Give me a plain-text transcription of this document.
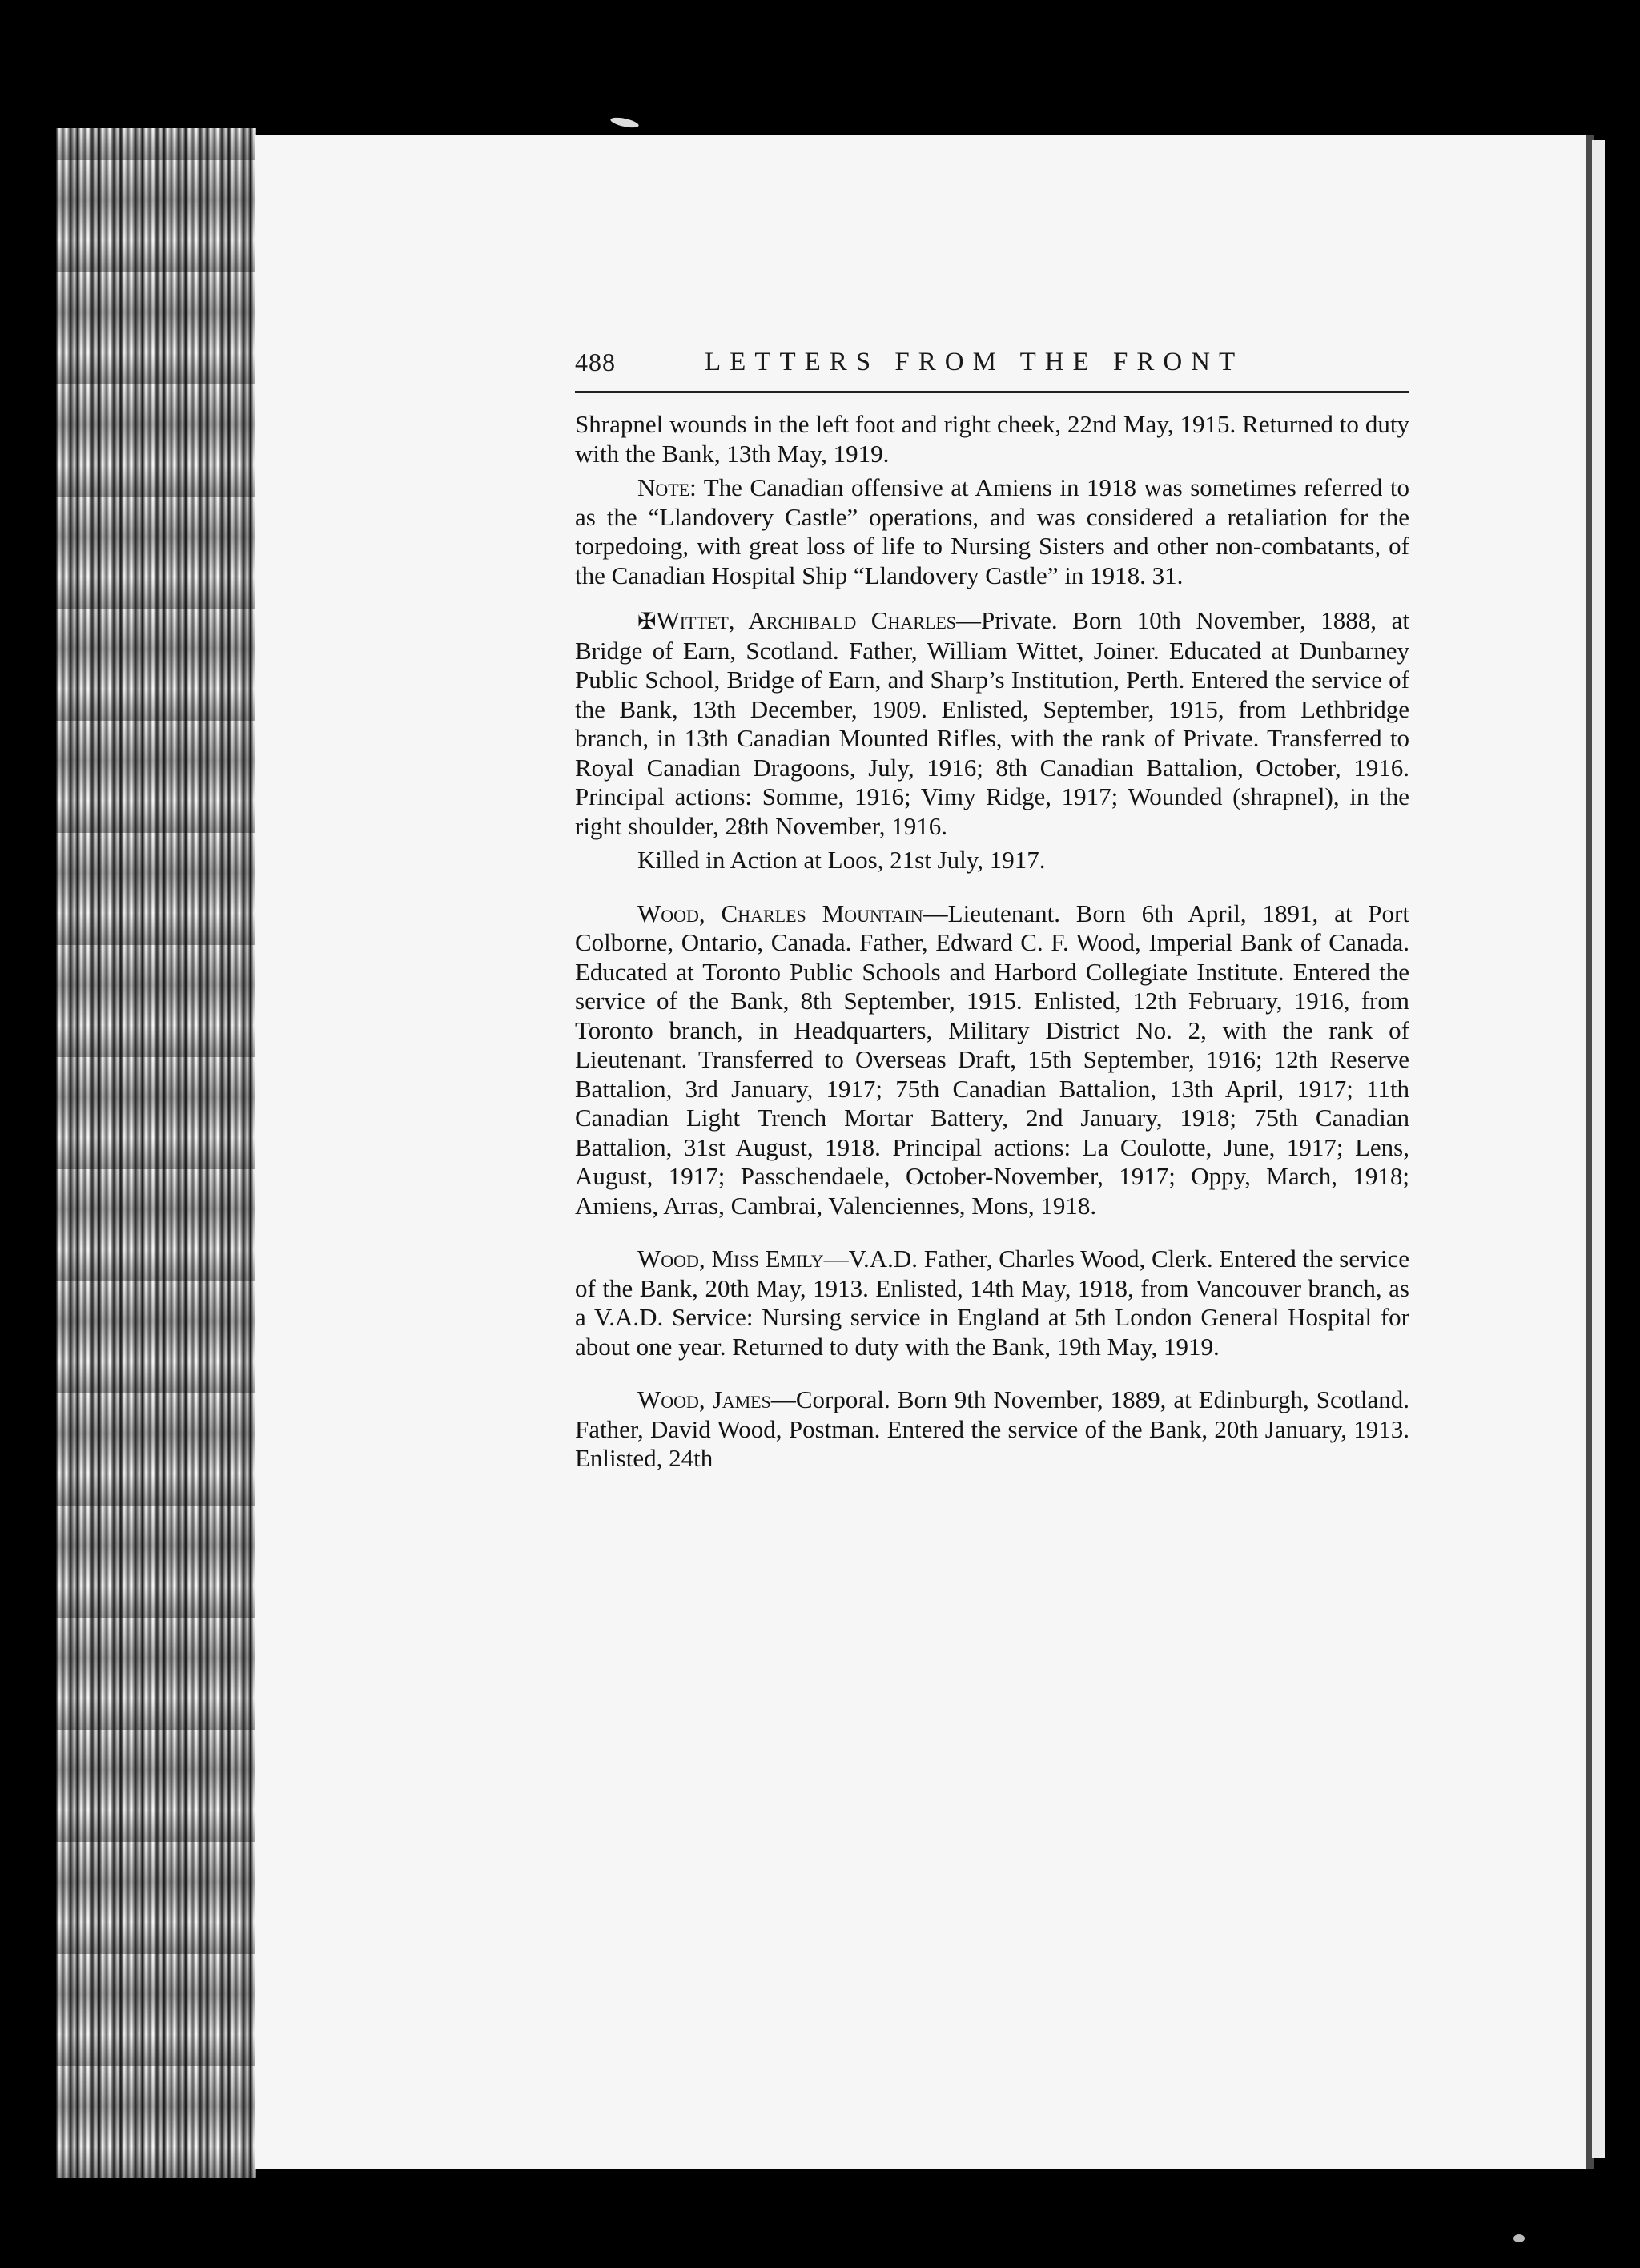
488	LETTERS FROM THE FRONT

Shrapnel wounds in the left foot and right cheek, 22nd May, 1915. Returned to duty with the Bank, 13th May, 1919.

Note: The Canadian offensive at Amiens in 1918 was sometimes referred to as the “Llandovery Castle” operations, and was considered a retaliation for the torpedoing, with great loss of life to Nursing Sisters and other non-combatants, of the Canadian Hospital Ship “Llandovery Castle” in 1918. 31.

✠Wittet, Archibald Charles—Private. Born 10th November, 1888, at Bridge of Earn, Scotland. Father, William Wittet, Joiner. Educated at Dunbarney Public School, Bridge of Earn, and Sharp’s Institution, Perth. Entered the service of the Bank, 13th December, 1909. Enlisted, September, 1915, from Lethbridge branch, in 13th Canadian Mounted Rifles, with the rank of Private. Transferred to Royal Canadian Dragoons, July, 1916; 8th Canadian Battalion, October, 1916. Principal actions: Somme, 1916; Vimy Ridge, 1917; Wounded (shrapnel), in the right shoulder, 28th November, 1916.

Killed in Action at Loos, 21st July, 1917.

Wood, Charles Mountain—Lieutenant. Born 6th April, 1891, at Port Colborne, Ontario, Canada. Father, Edward C. F. Wood, Imperial Bank of Canada. Educated at Toronto Public Schools and Harbord Collegiate Institute. Entered the service of the Bank, 8th September, 1915. Enlisted, 12th February, 1916, from Toronto branch, in Headquarters, Military District No. 2, with the rank of Lieutenant. Transferred to Overseas Draft, 15th September, 1916; 12th Reserve Battalion, 3rd January, 1917; 75th Canadian Battalion, 13th April, 1917; 11th Canadian Light Trench Mortar Battery, 2nd January, 1918; 75th Canadian Battalion, 31st August, 1918. Principal actions: La Coulotte, June, 1917; Lens, August, 1917; Passchendaele, October-November, 1917; Oppy, March, 1918; Amiens, Arras, Cambrai, Valenciennes, Mons, 1918.

Wood, Miss Emily—V.A.D. Father, Charles Wood, Clerk. Entered the service of the Bank, 20th May, 1913. Enlisted, 14th May, 1918, from Vancouver branch, as a V.A.D. Service: Nursing service in England at 5th London General Hospital for about one year. Returned to duty with the Bank, 19th May, 1919.

Wood, James—Corporal. Born 9th November, 1889, at Edinburgh, Scotland. Father, David Wood, Postman. Entered the service of the Bank, 20th January, 1913. Enlisted, 24th
